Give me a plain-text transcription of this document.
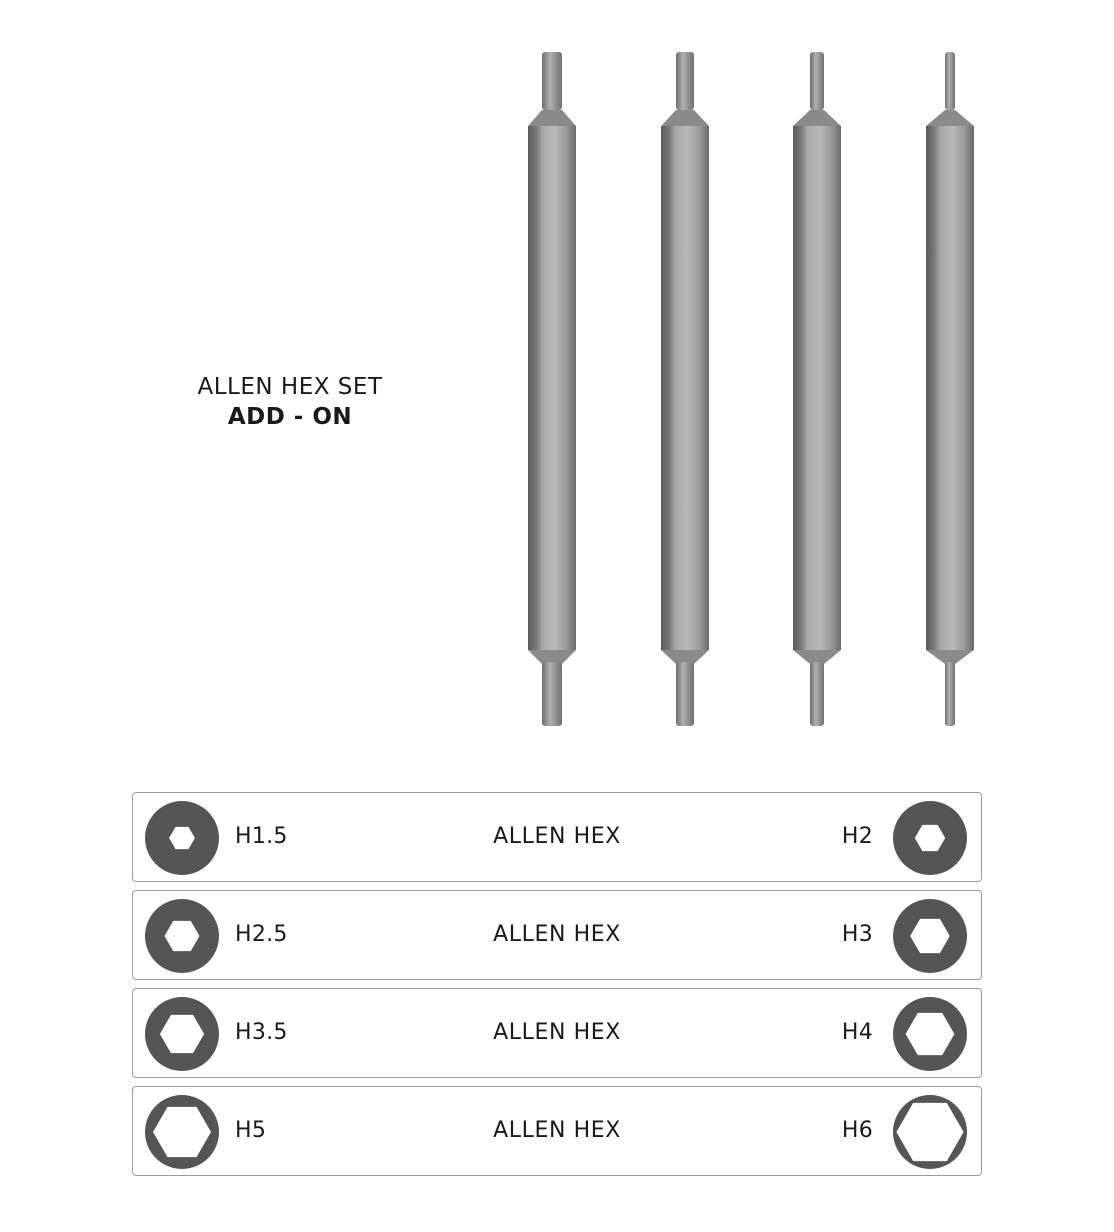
ALLEN HEX SET
ADD - ON
H1.5	ALLEN HEX	H2
H2.5	ALLEN HEX	H3
H3.5	ALLEN HEX	H4
H5	ALLEN HEX	H6
